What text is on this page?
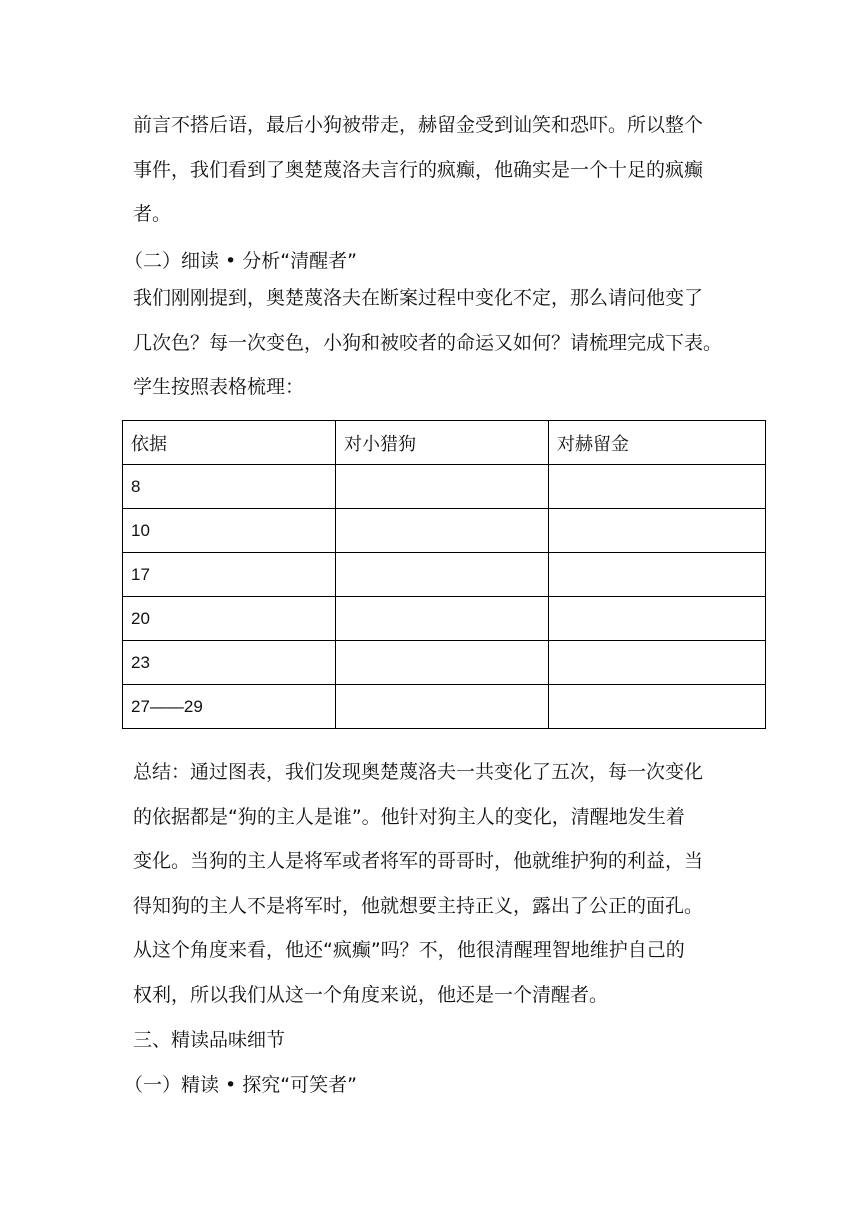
前言不搭后语，最后小狗被带走，赫留金受到讪笑和恐吓。所以整个
事件，我们看到了奥楚蔑洛夫言行的疯癫，他确实是一个十足的疯癫
者。

（二）细读 • 分析“清醒者”

我们刚刚提到，奥楚蔑洛夫在断案过程中变化不定，那么请问他变了
几次色？每一次变色，小狗和被咬者的命运又如何？请梳理完成下表。
学生按照表格梳理：
依据	对小猎狗	对赫留金
8		
10		
17		
20		
23		
27——29		
总结：通过图表，我们发现奥楚蔑洛夫一共变化了五次，每一次变化
的依据都是“狗的主人是谁”。他针对狗主人的变化，清醒地发生着
变化。当狗的主人是将军或者将军的哥哥时，他就维护狗的利益，当
得知狗的主人不是将军时，他就想要主持正义，露出了公正的面孔。
从这个角度来看，他还“疯癫”吗？不，他很清醒理智地维护自己的
权利，所以我们从这一个角度来说，他还是一个清醒者。

三、精读品味细节

（一）精读 • 探究“可笑者”
